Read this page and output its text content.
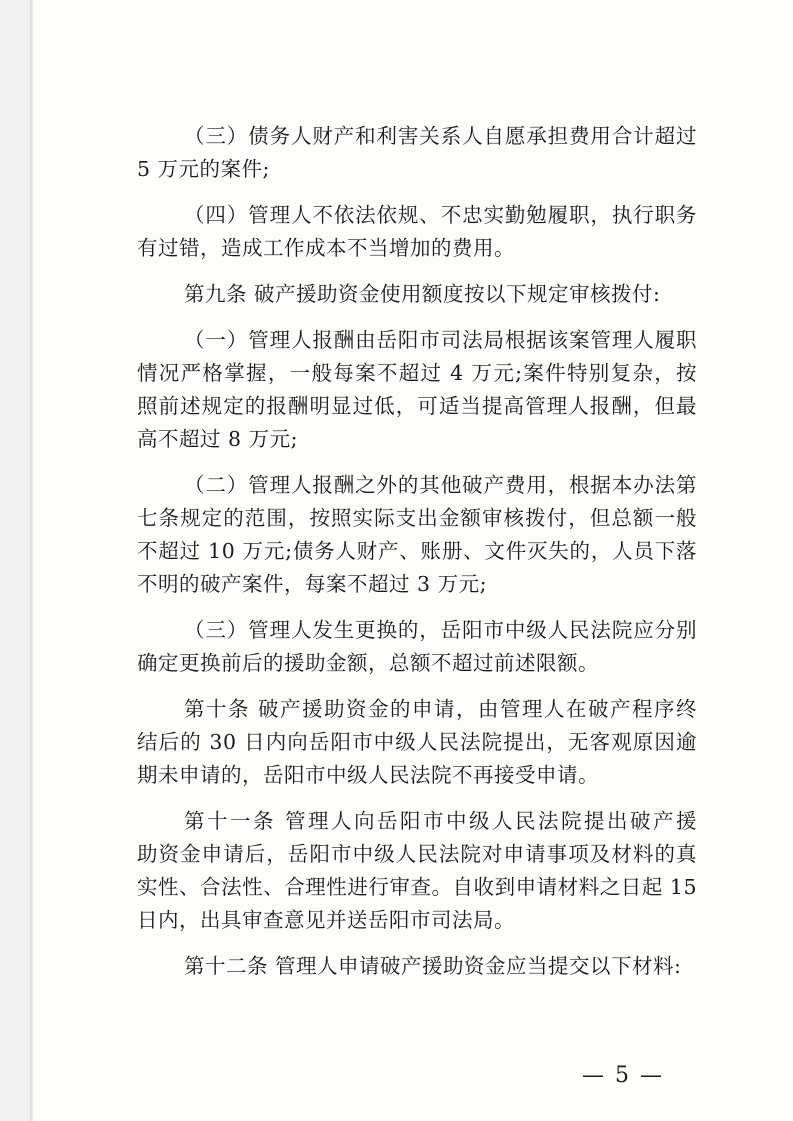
（三）债务人财产和利害关系人自愿承担费用合计超过
5 万元的案件;
（四）管理人不依法依规、不忠实勤勉履职，执行职务
有过错，造成工作成本不当增加的费用。
第九条 破产援助资金使用额度按以下规定审核拨付:
（一）管理人报酬由岳阳市司法局根据该案管理人履职
情况严格掌握，一般每案不超过 4 万元;案件特别复杂，按
照前述规定的报酬明显过低，可适当提高管理人报酬，但最
高不超过 8 万元;
（二）管理人报酬之外的其他破产费用，根据本办法第
七条规定的范围，按照实际支出金额审核拨付，但总额一般
不超过 10 万元;债务人财产、账册、文件灭失的，人员下落
不明的破产案件，每案不超过 3 万元;
（三）管理人发生更换的，岳阳市中级人民法院应分别
确定更换前后的援助金额，总额不超过前述限额。
第十条 破产援助资金的申请，由管理人在破产程序终
结后的 30 日内向岳阳市中级人民法院提出，无客观原因逾
期未申请的，岳阳市中级人民法院不再接受申请。
第十一条 管理人向岳阳市中级人民法院提出破产援
助资金申请后，岳阳市中级人民法院对申请事项及材料的真
实性、合法性、合理性进行审查。自收到申请材料之日起 15
日内，出具审查意见并送岳阳市司法局。
第十二条 管理人申请破产援助资金应当提交以下材料:
— 5 —
